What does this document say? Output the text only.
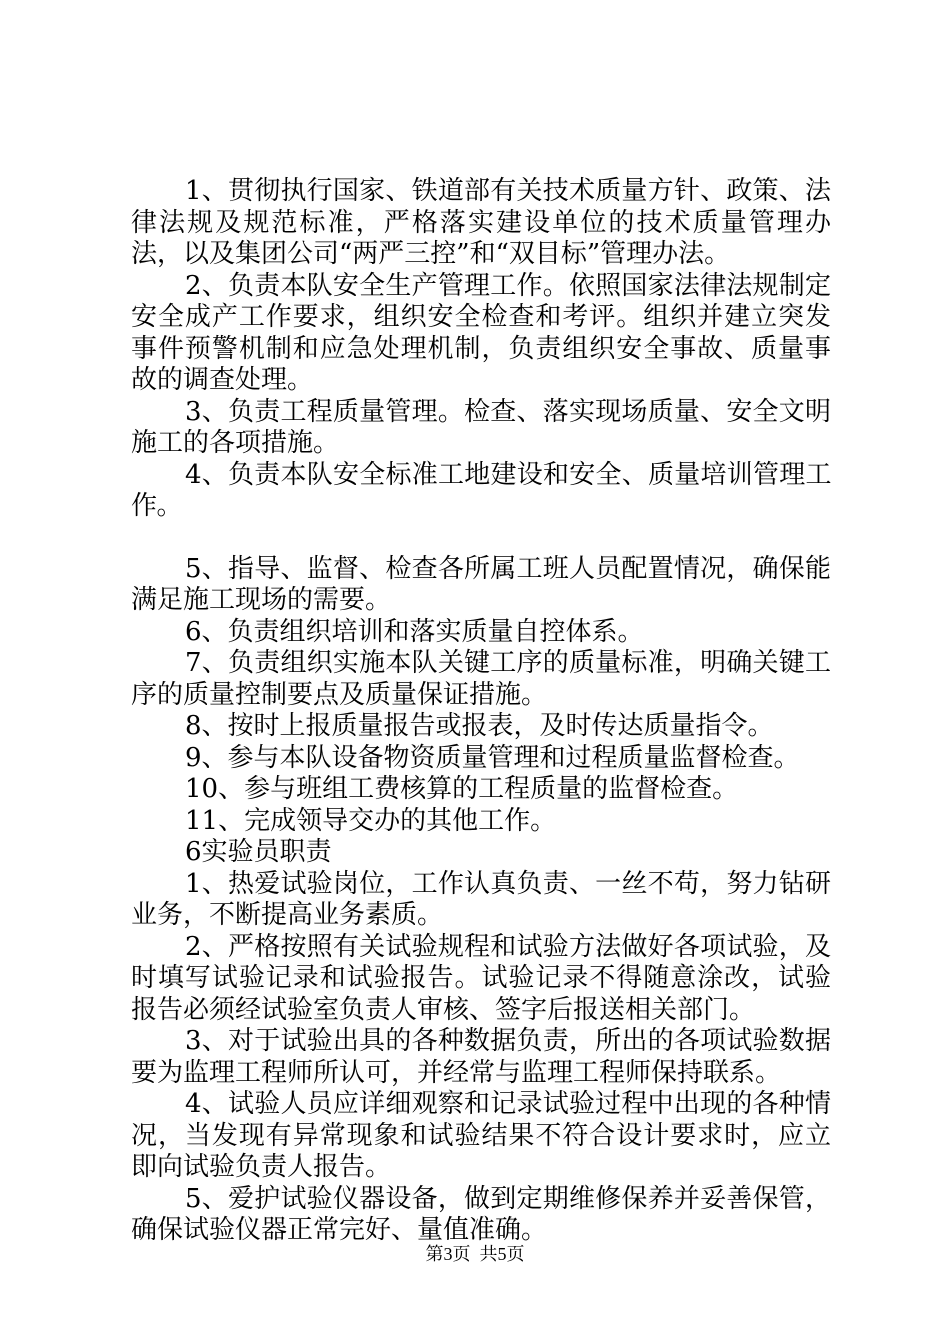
1、贯彻执行国家、铁道部有关技术质量方针、政策、法律法规及规范标准，严格落实建设单位的技术质量管理办法，以及集团公司“两严三控”和“双目标”管理办法。

2、负责本队安全生产管理工作。依照国家法律法规制定安全成产工作要求，组织安全检查和考评。组织并建立突发事件预警机制和应急处理机制，负责组织安全事故、质量事故的调查处理。

3、负责工程质量管理。检查、落实现场质量、安全文明施工的各项措施。

4、负责本队安全标准工地建设和安全、质量培训管理工作。

5、指导、监督、检查各所属工班人员配置情况，确保能满足施工现场的需要。

6、负责组织培训和落实质量自控体系。

7、负责组织实施本队关键工序的质量标准，明确关键工序的质量控制要点及质量保证措施。

8、按时上报质量报告或报表，及时传达质量指令。

9、参与本队设备物资质量管理和过程质量监督检查。

10、参与班组工费核算的工程质量的监督检查。

11、完成领导交办的其他工作。

6实验员职责

1、热爱试验岗位，工作认真负责、一丝不苟，努力钻研业务，不断提高业务素质。

2、严格按照有关试验规程和试验方法做好各项试验，及时填写试验记录和试验报告。试验记录不得随意涂改，试验报告必须经试验室负责人审核、签字后报送相关部门。

3、对于试验出具的各种数据负责，所出的各项试验数据要为监理工程师所认可，并经常与监理工程师保持联系。

4、试验人员应详细观察和记录试验过程中出现的各种情况，当发现有异常现象和试验结果不符合设计要求时，应立即向试验负责人报告。

5、爱护试验仪器设备，做到定期维修保养并妥善保管，确保试验仪器正常完好、量值准确。

第3页  共5页
